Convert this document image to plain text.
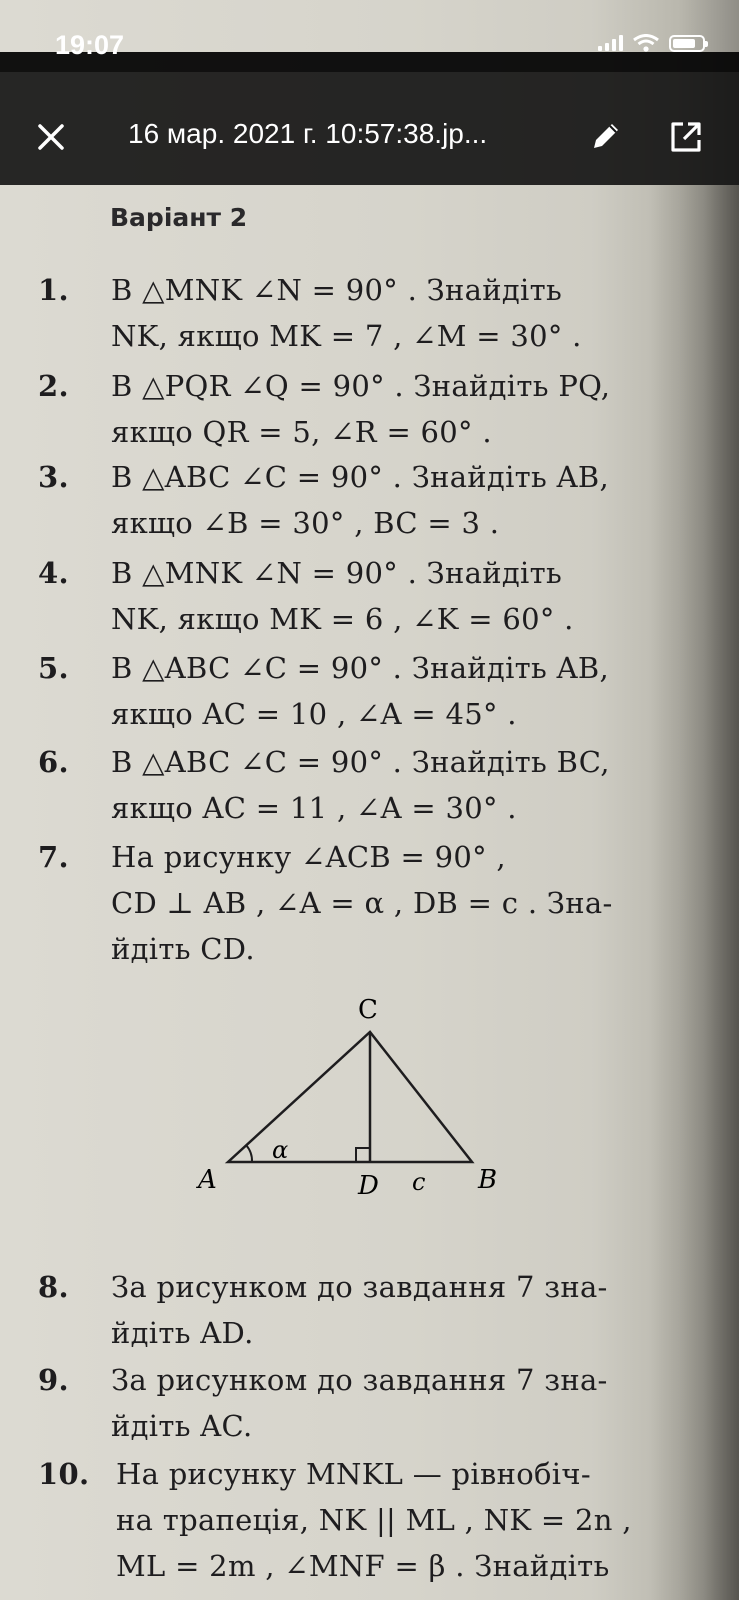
Варіант 2
1. В △MNK ∠N = 90° . Знайдіть
NK, якщо MK = 7 , ∠M = 30° .
2. В △PQR ∠Q = 90° . Знайдіть PQ,
якщо QR = 5, ∠R = 60° .
3. В △ABC ∠C = 90° . Знайдіть AB,
якщо ∠B = 30° , BC = 3 .
4. В △MNK ∠N = 90° . Знайдіть
NK, якщо MK = 6 , ∠K = 60° .
5. В △ABC ∠C = 90° . Знайдіть AB,
якщо AC = 10 , ∠A = 45° .
6. В △ABC ∠C = 90° . Знайдіть BC,
якщо AC = 11 , ∠A = 30° .
7. На рисунку ∠ACB = 90° ,
CD ⊥ AB , ∠A = α , DB = c . Зна-
йдіть CD.
C
A	D c B
α
8. За рисунком до завдання 7 зна-
йдіть AD.
9. За рисунком до завдання 7 зна-
йдіть AC.
10. На рисунку MNKL — рівнобіч-
на трапеція, NK || ML , NK = 2n ,
ML = 2m , ∠MNF = β . Знайдіть
16 мар. 2021 г. 10:57:38.jp...
19:07
